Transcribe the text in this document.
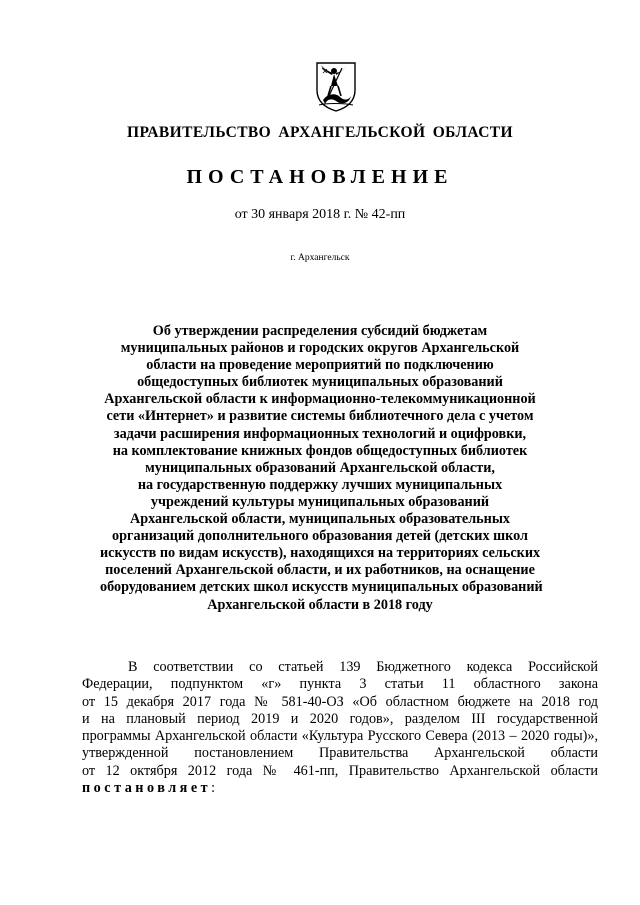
ПРАВИТЕЛЬСТВО АРХАНГЕЛЬСКОЙ ОБЛАСТИ
ПОСТАНОВЛЕНИЕ
от 30 января 2018 г. № 42-пп
г. Архангельск
Об утверждении распределения субсидий бюджетам
муниципальных районов и городских округов Архангельской
области на проведение мероприятий по подключению
общедоступных библиотек муниципальных образований
Архангельской области к информационно-телекоммуникационной
сети «Интернет» и развитие системы библиотечного дела с учетом
задачи расширения информационных технологий и оцифровки,
на комплектование книжных фондов общедоступных библиотек
муниципальных образований Архангельской области,
на государственную поддержку лучших муниципальных
учреждений культуры муниципальных образований
Архангельской области, муниципальных образовательных
организаций дополнительного образования детей (детских школ
искусств по видам искусств), находящихся на территориях сельских
поселений Архангельской области, и их работников, на оснащение
оборудованием детских школ искусств муниципальных образований
Архангельской области в 2018 году
В соответствии со статьей 139 Бюджетного кодекса Российской
Федерации, подпунктом «г» пункта 3 статьи 11 областного закона
от 15 декабря 2017 года № 581-40-ОЗ «Об областном бюджете на 2018 год
и на плановый период 2019 и 2020 годов», разделом III государственной
программы Архангельской области «Культура Русского Севера (2013 – 2020 годы)»,
утвержденной постановлением Правительства Архангельской области
от 12 октября 2012 года № 461-пп, Правительство Архангельской области
постановляет:
